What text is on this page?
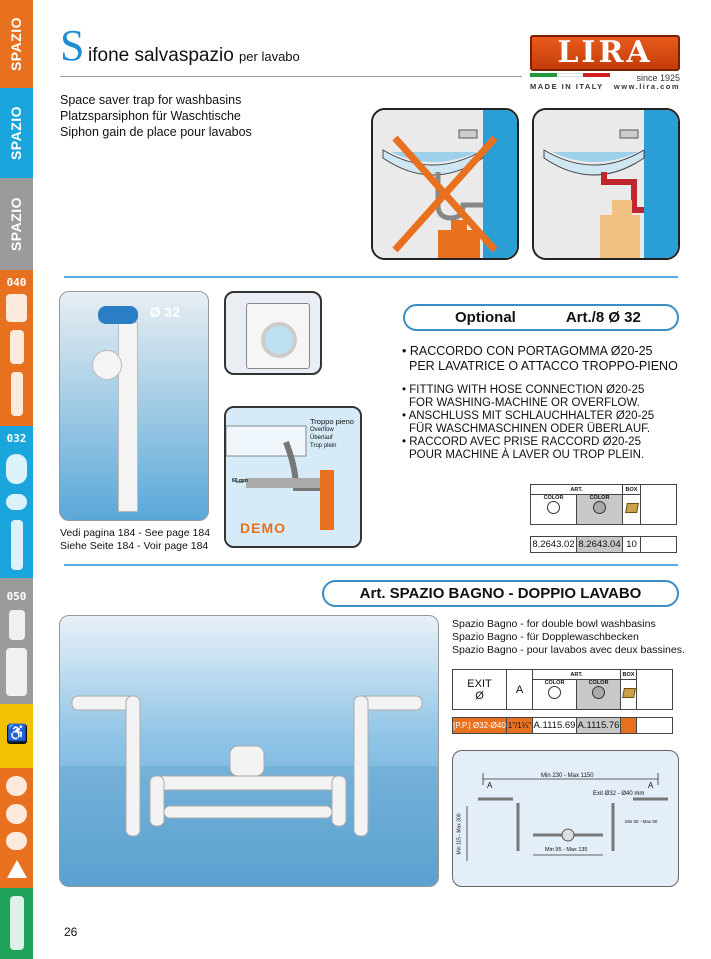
SPAZIO
SPAZIO
SPAZIO
040
032
050
♿
S ifone salvaspazio per lavabo
Space saver trap for washbasins
Platzsparsiphon für Waschtische
Siphon gain de place pour lavabos
LIRA
since 1925
MADE IN ITALY www.lira.com
Ø 32
Vedi pagina 184 - See page 184
Siehe Seite 184 - Voir page 184
Troppo pieno
Overflow
Überlauf
Trop plein
60 mm
DEMO
Optional	Art./8 Ø 32
• RACCORDO CON PORTAGOMMA Ø20-25
PER LAVATRICE O ATTACCO TROPPO-PIENO
• FITTING WITH HOSE CONNECTION Ø20-25
FOR WASHING-MACHINE OR OVERFLOW.
• ANSCHLUSS MIT SCHLAUCHHALTER Ø20-25
FÜR WASCHMASCHINEN ODER ÜBERLAUF.
• RACCORD AVEC PRISE RACCORD Ø20-25
POUR MACHINE À LAVER OU TROP PLEIN.
ART.		BOX	

COLOR	COLOR		

8.2643.02	8.2643.04	10	
Art. SPAZIO BAGNO - DOPPIO LAVABO
Spazio Bagno - for double bowl washbasins
Spazio Bagno - für Dopplewaschbecken
Spazio Bagno - pour lavabos avec deux bassines.
EXIT
Ø	A	ART.		BOX	

		COLOR	COLOR		

[P.P.] Ø32-Ø40	1"/1¼"	A.1115.69	A.1115.76		
Min 230 - Max 1150
A	A
Exit Ø32 - Ø40 mm
Min 60 - Max 90
Min 115 - Max 300	Min 95 - Max 135
26
